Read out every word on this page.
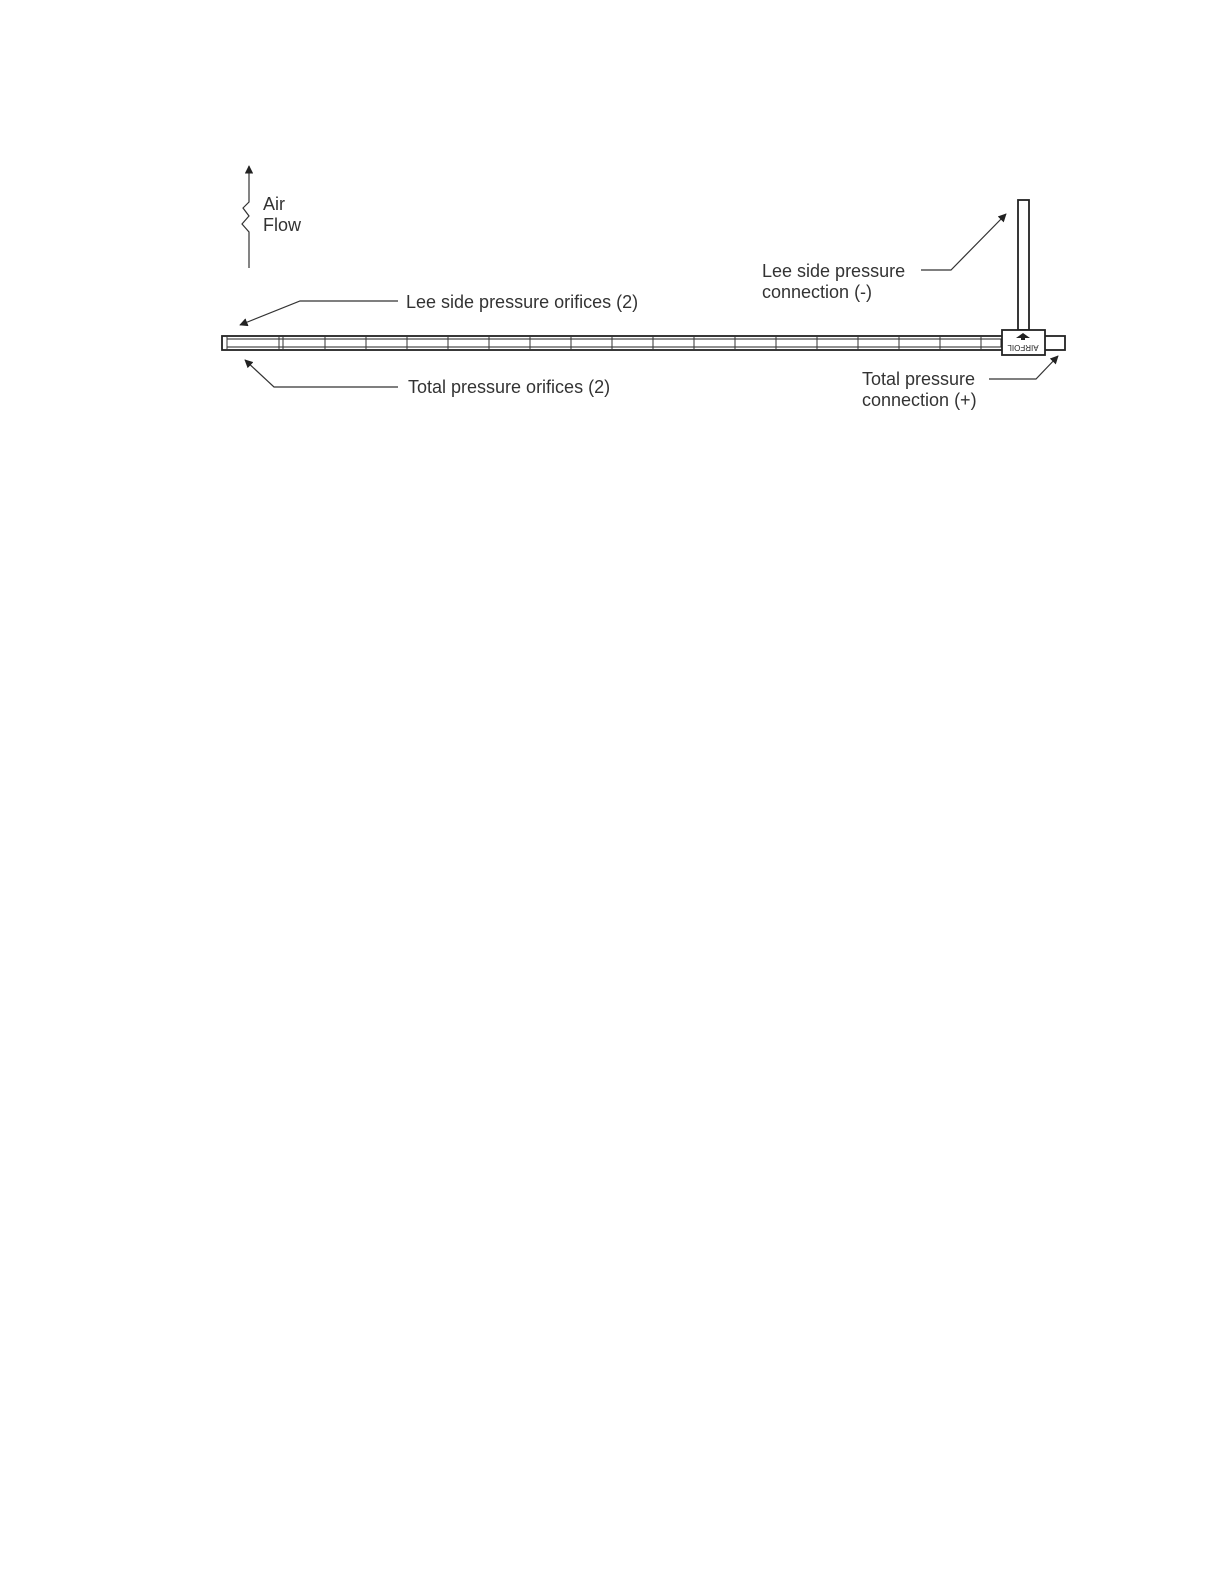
Air
Flow
AIRFOIL
Lee side pressure orifices (2)
Total pressure orifices (2)
Lee side pressure
connection (-)
Total pressure
connection (+)
